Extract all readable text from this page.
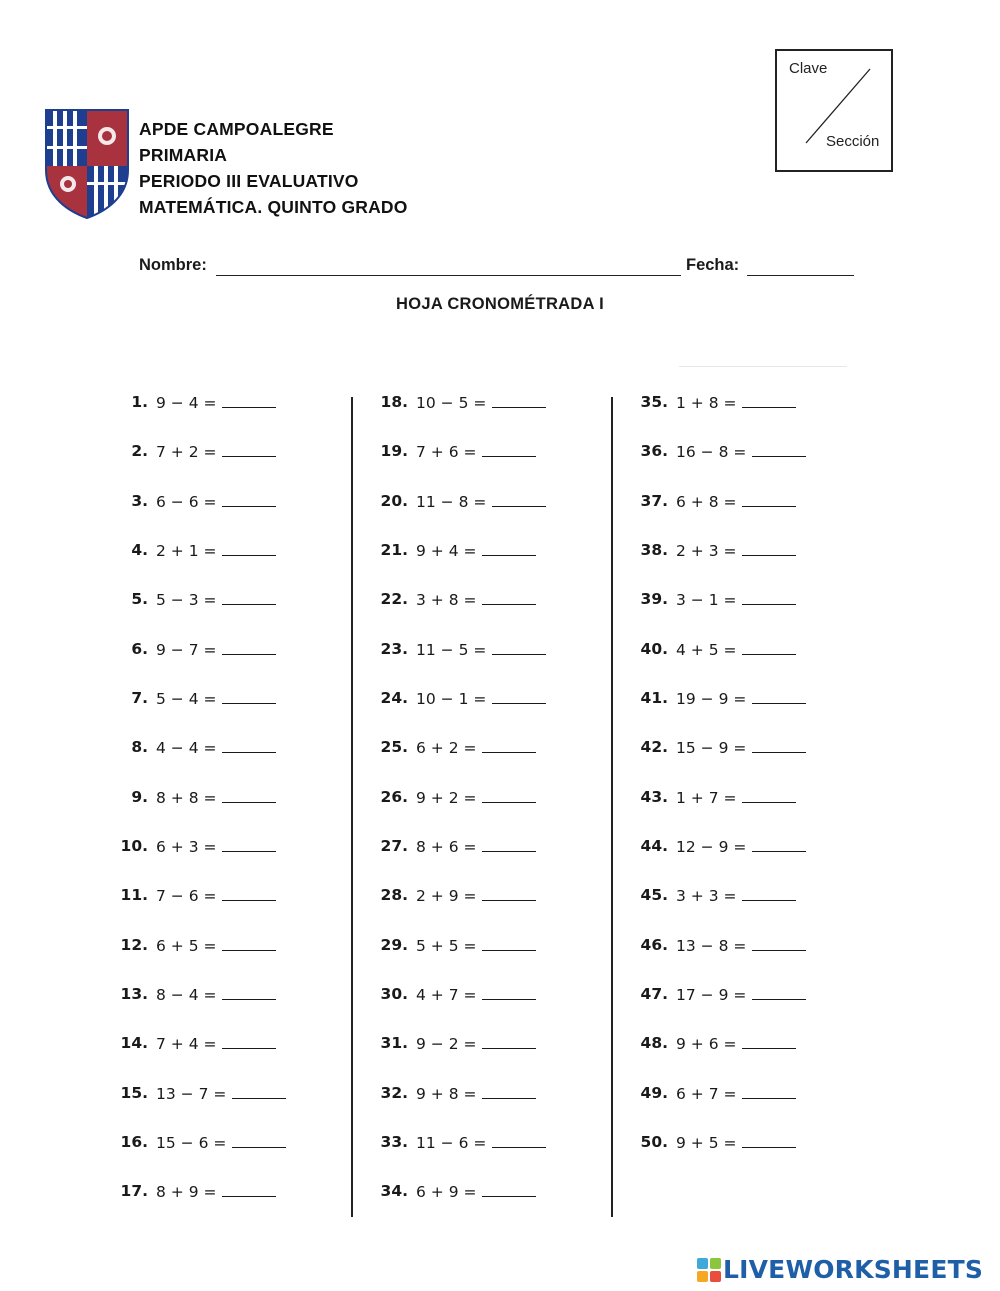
APDE CAMPOALEGRE
PRIMARIA
PERIODO III EVALUATIVO
MATEMÁTICA. QUINTO GRADO
Clave
Sección
Nombre:	Fecha:
HOJA CRONOMÉTRADA I
1. 9 − 4 =
2. 7 + 2 =
3. 6 − 6 =
4. 2 + 1 =
5. 5 − 3 =
6. 9 − 7 =
7. 5 − 4 =
8. 4 − 4 =
9. 8 + 8 =
10. 6 + 3 =
11. 7 − 6 =
12. 6 + 5 =
13. 8 − 4 =
14. 7 + 4 =
15. 13 − 7 =
16. 15 − 6 =
17. 8 + 9 =
18. 10 − 5 =
19. 7 + 6 =
20. 11 − 8 =
21. 9 + 4 =
22. 3 + 8 =
23. 11 − 5 =
24. 10 − 1 =
25. 6 + 2 =
26. 9 + 2 =
27. 8 + 6 =
28. 2 + 9 =
29. 5 + 5 =
30. 4 + 7 =
31. 9 − 2 =
32. 9 + 8 =
33. 11 − 6 =
34. 6 + 9 =
35. 1 + 8 =
36. 16 − 8 =
37. 6 + 8 =
38. 2 + 3 =
39. 3 − 1 =
40. 4 + 5 =
41. 19 − 9 =
42. 15 − 9 =
43. 1 + 7 =
44. 12 − 9 =
45. 3 + 3 =
46. 13 − 8 =
47. 17 − 9 =
48. 9 + 6 =
49. 6 + 7 =
50. 9 + 5 =
LIVEWORKSHEETS
